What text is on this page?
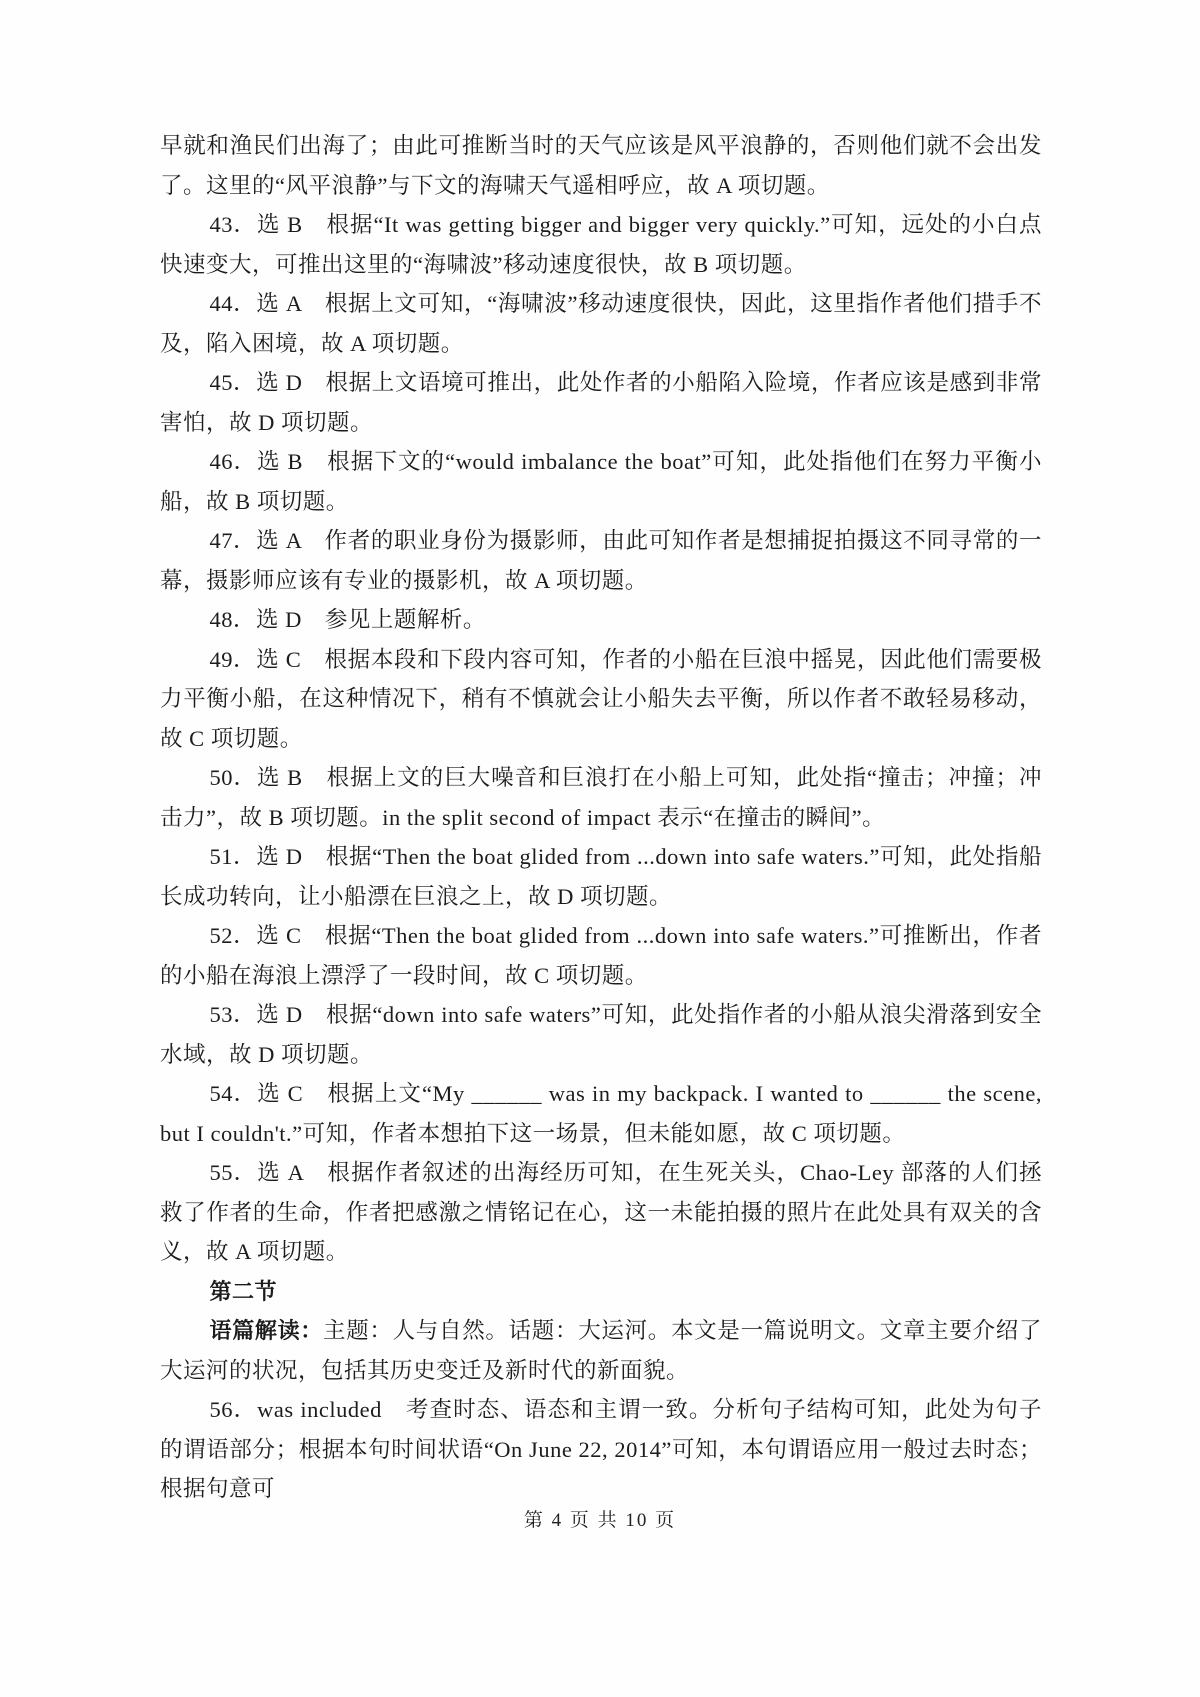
早就和渔民们出海了；由此可推断当时的天气应该是风平浪静的，否则他们就不会出发了。这里的“风平浪静”与下文的海啸天气遥相呼应，故 A 项切题。

43．选 B　根据“It was getting bigger and bigger very quickly.”可知，远处的小白点快速变大，可推出这里的“海啸波”移动速度很快，故 B 项切题。

44．选 A　根据上文可知，“海啸波”移动速度很快，因此，这里指作者他们措手不及，陷入困境，故 A 项切题。

45．选 D　根据上文语境可推出，此处作者的小船陷入险境，作者应该是感到非常害怕，故 D 项切题。

46．选 B　根据下文的“would imbalance the boat”可知，此处指他们在努力平衡小船，故 B 项切题。

47．选 A　作者的职业身份为摄影师，由此可知作者是想捕捉拍摄这不同寻常的一幕，摄影师应该有专业的摄影机，故 A 项切题。

48．选 D　参见上题解析。

49．选 C　根据本段和下段内容可知，作者的小船在巨浪中摇晃，因此他们需要极力平衡小船，在这种情况下，稍有不慎就会让小船失去平衡，所以作者不敢轻易移动，故 C 项切题。

50．选 B　根据上文的巨大噪音和巨浪打在小船上可知，此处指“撞击；冲撞；冲击力”，故 B 项切题。in the split second of impact 表示“在撞击的瞬间”。

51．选 D　根据“Then the boat glided from ...down into safe waters.”可知，此处指船长成功转向，让小船漂在巨浪之上，故 D 项切题。

52．选 C　根据“Then the boat glided from ...down into safe waters.”可推断出，作者的小船在海浪上漂浮了一段时间，故 C 项切题。

53．选 D　根据“down into safe waters”可知，此处指作者的小船从浪尖滑落到安全水域，故 D 项切题。

54．选 C　根据上文“My ______ was in my backpack. I wanted to ______ the scene, but I couldn't.”可知，作者本想拍下这一场景，但未能如愿，故 C 项切题。

55．选 A　根据作者叙述的出海经历可知，在生死关头，Chao-Ley 部落的人们拯救了作者的生命，作者把感激之情铭记在心，这一未能拍摄的照片在此处具有双关的含义，故 A 项切题。

第二节

语篇解读：主题：人与自然。话题：大运河。本文是一篇说明文。文章主要介绍了大运河的状况，包括其历史变迁及新时代的新面貌。

56．was included　考查时态、语态和主谓一致。分析句子结构可知，此处为句子的谓语部分；根据本句时间状语“On June 22, 2014”可知，本句谓语应用一般过去时态；根据句意可

第 4 页 共 10 页
